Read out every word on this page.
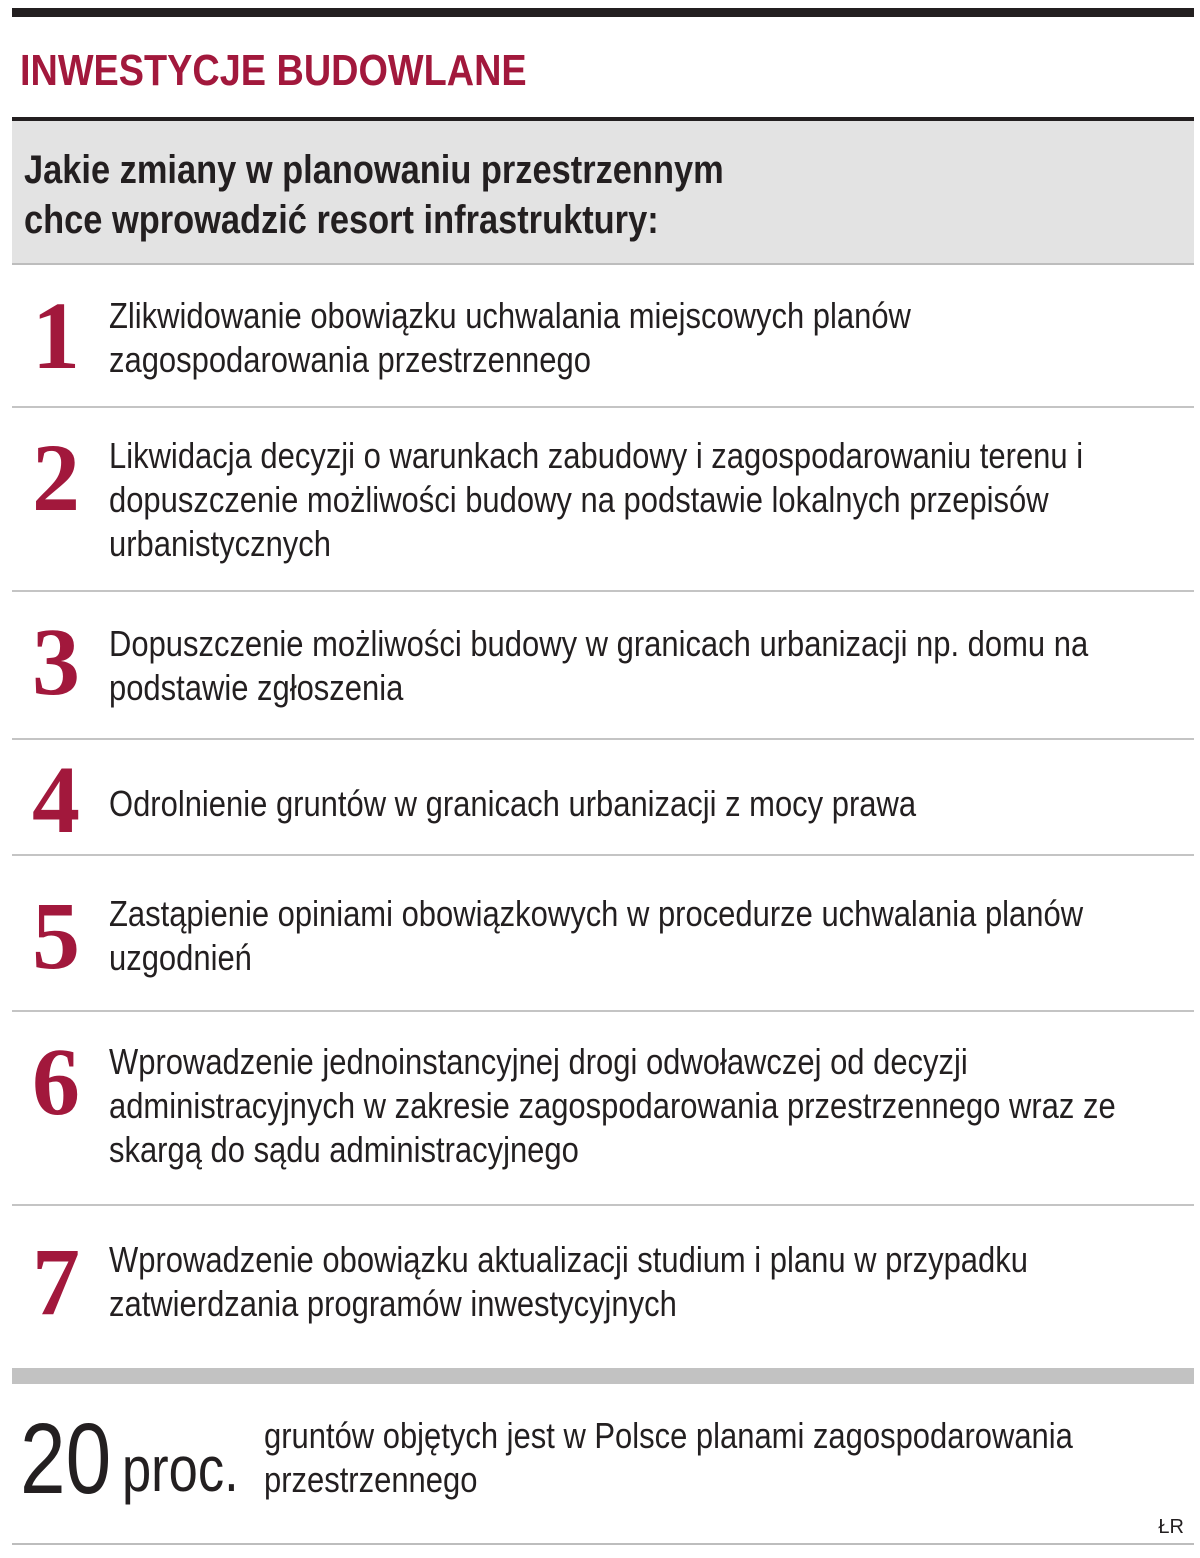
INWESTYCJE BUDOWLANE
Jakie zmiany w planowaniu przestrzennym
chce wprowadzić resort infrastruktury:
1 Zlikwidowanie obowiązku uchwalania miejscowych planów zagospodarowania przestrzennego
2 Likwidacja decyzji o warunkach zabudowy i zagospodarowaniu terenu i dopuszczenie możliwości budowy na podstawie lokalnych przepisów urbanistycznych
3 Dopuszczenie możliwości budowy w granicach urbanizacji np. domu na podstawie zgłoszenia
4 Odrolnienie gruntów w granicach urbanizacji z mocy prawa
5 Zastąpienie opiniami obowiązkowych w procedurze uchwalania planów uzgodnień
6 Wprowadzenie jednoinstancyjnej drogi odwoławczej od decyzji administracyjnych w zakresie zagospodarowania przestrzennego wraz ze skargą do sądu administracyjnego
7 Wprowadzenie obowiązku aktualizacji studium i planu w przypadku zatwierdzania programów inwestycyjnych
20 proc. gruntów objętych jest w Polsce planami zagospodarowania przestrzennego
ŁR
